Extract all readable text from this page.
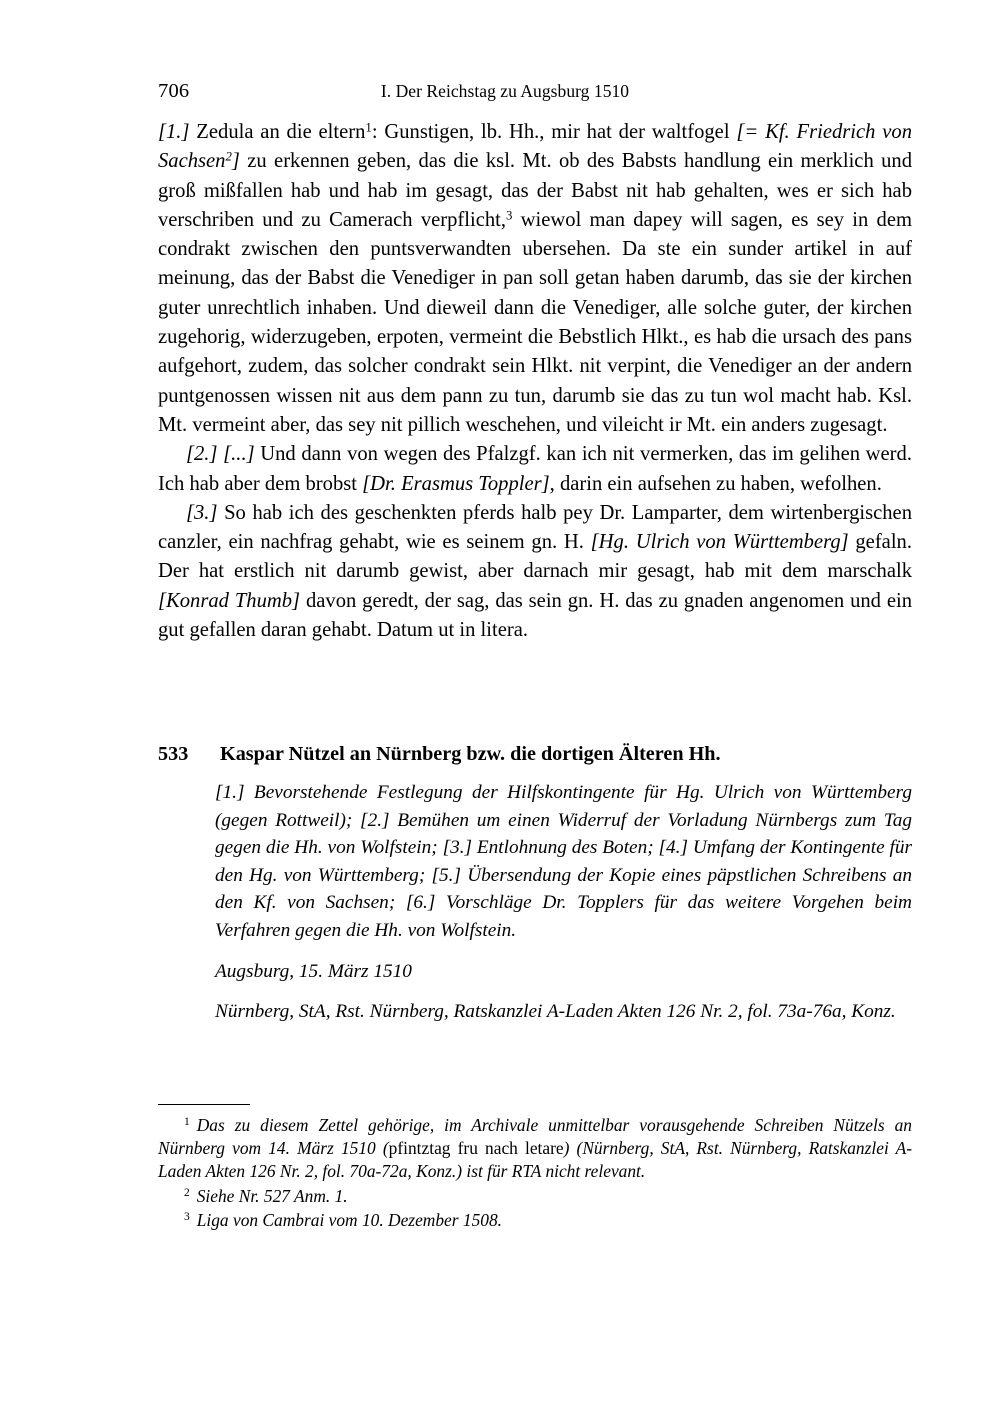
706	I. Der Reichstag zu Augsburg 1510

[1.] Zedula an die eltern$^1$: Gunstigen, lb. Hh., mir hat der waltfogel [= Kf. Friedrich von Sachsen$^2$] zu erkennen geben, das die ksl. Mt. ob des Babsts handlung ein merklich und groß mißfallen hab und hab im gesagt, das der Babst nit hab gehalten, wes er sich hab verschriben und zu Camerach verpflicht,$^3$ wiewol man dapey will sagen, es sey in dem condrakt zwischen den puntsverwandten ubersehen. Da ste ein sunder artikel in auf meinung, das der Babst die Venediger in pan soll getan haben darumb, das sie der kirchen guter unrechtlich inhaben. Und dieweil dann die Venediger, alle solche guter, der kirchen zugehorig, widerzugeben, erpoten, vermeint die Bebstlich Hlkt., es hab die ursach des pans aufgehort, zudem, das solcher condrakt sein Hlkt. nit verpint, die Venediger an der andern puntgenossen wissen nit aus dem pann zu tun, darumb sie das zu tun wol macht hab. Ksl. Mt. vermeint aber, das sey nit pillich weschehen, und vileicht ir Mt. ein anders zugesagt.

[2.] [...] Und dann von wegen des Pfalzgf. kan ich nit vermerken, das im gelihen werd. Ich hab aber dem brobst [Dr. Erasmus Toppler], darin ein aufsehen zu haben, wefolhen.

[3.] So hab ich des geschenkten pferds halb pey Dr. Lamparter, dem wirtenbergischen canzler, ein nachfrag gehabt, wie es seinem gn. H. [Hg. Ulrich von Württemberg] gefaln. Der hat erstlich nit darumb gewist, aber darnach mir gesagt, hab mit dem marschalk [Konrad Thumb] davon geredt, der sag, das sein gn. H. das zu gnaden angenomen und ein gut gefallen daran gehabt. Datum ut in litera.

533 Kaspar Nützel an Nürnberg bzw. die dortigen Älteren Hh.

[1.] Bevorstehende Festlegung der Hilfskontingente für Hg. Ulrich von Württemberg (gegen Rottweil); [2.] Bemühen um einen Widerruf der Vorladung Nürnbergs zum Tag gegen die Hh. von Wolfstein; [3.] Entlohnung des Boten; [4.] Umfang der Kontingente für den Hg. von Württemberg; [5.] Übersendung der Kopie eines päpstlichen Schreibens an den Kf. von Sachsen; [6.] Vorschläge Dr. Topplers für das weitere Vorgehen beim Verfahren gegen die Hh. von Wolfstein.

Augsburg, 15. März 1510

Nürnberg, StA, Rst. Nürnberg, Ratskanzlei A-Laden Akten 126 Nr. 2, fol. 73a-76a, Konz.

$^1$ Das zu diesem Zettel gehörige, im Archivale unmittelbar vorausgehende Schreiben Nützels an Nürnberg vom 14. März 1510 (pfintztag fru nach letare) (Nürnberg, StA, Rst. Nürnberg, Ratskanzlei A-Laden Akten 126 Nr. 2, fol. 70a-72a, Konz.) ist für RTA nicht relevant.

$^2$ Siehe Nr. 527 Anm. 1.

$^3$ Liga von Cambrai vom 10. Dezember 1508.
